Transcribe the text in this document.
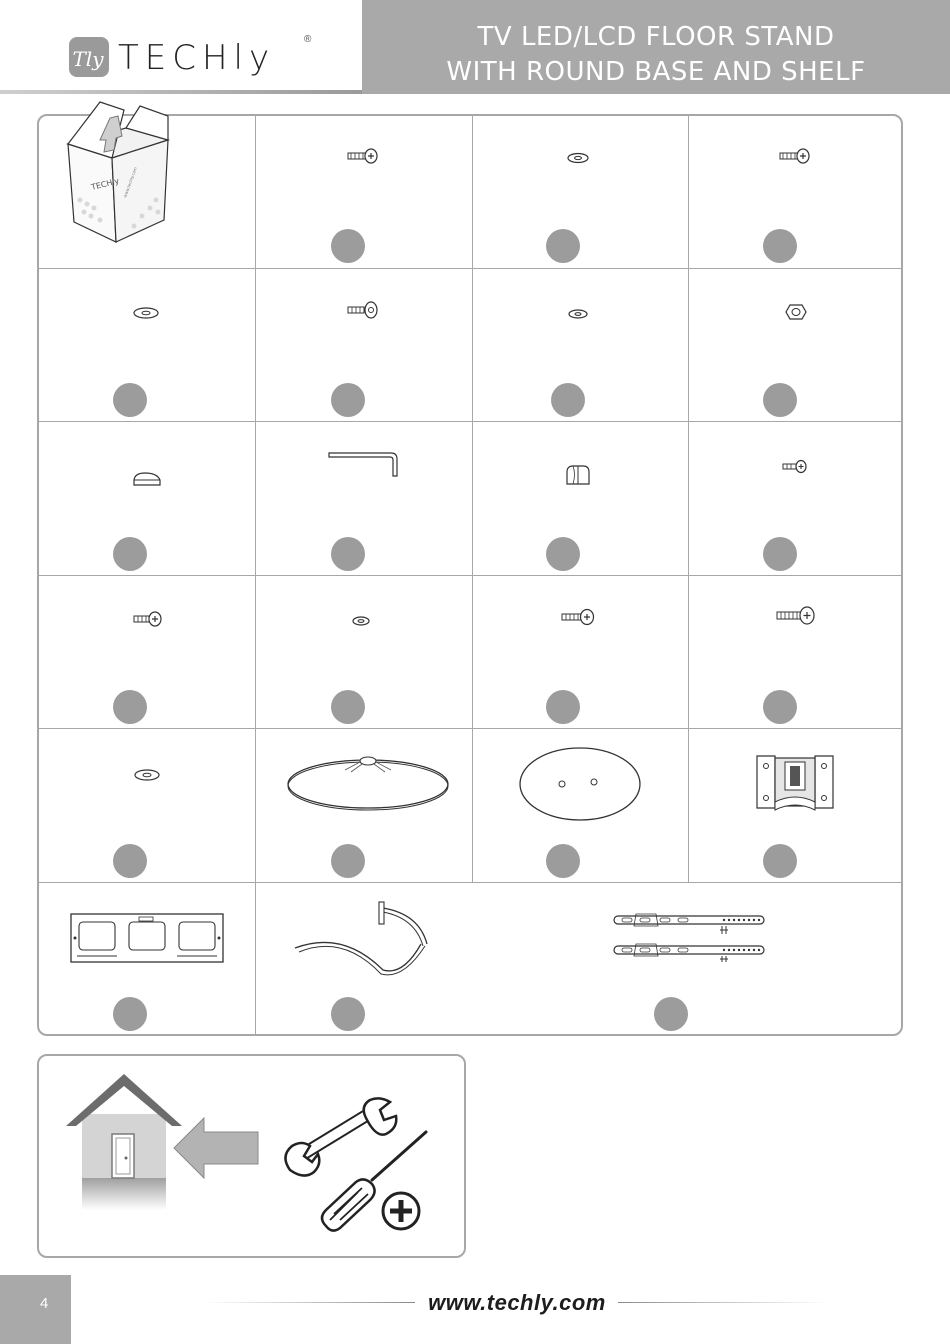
Tly TECHly	®	TV LED/LCD FLOOR STAND
WITH ROUND BASE AND SHELF
TECHly www.techly.com
4	www.techly.com
